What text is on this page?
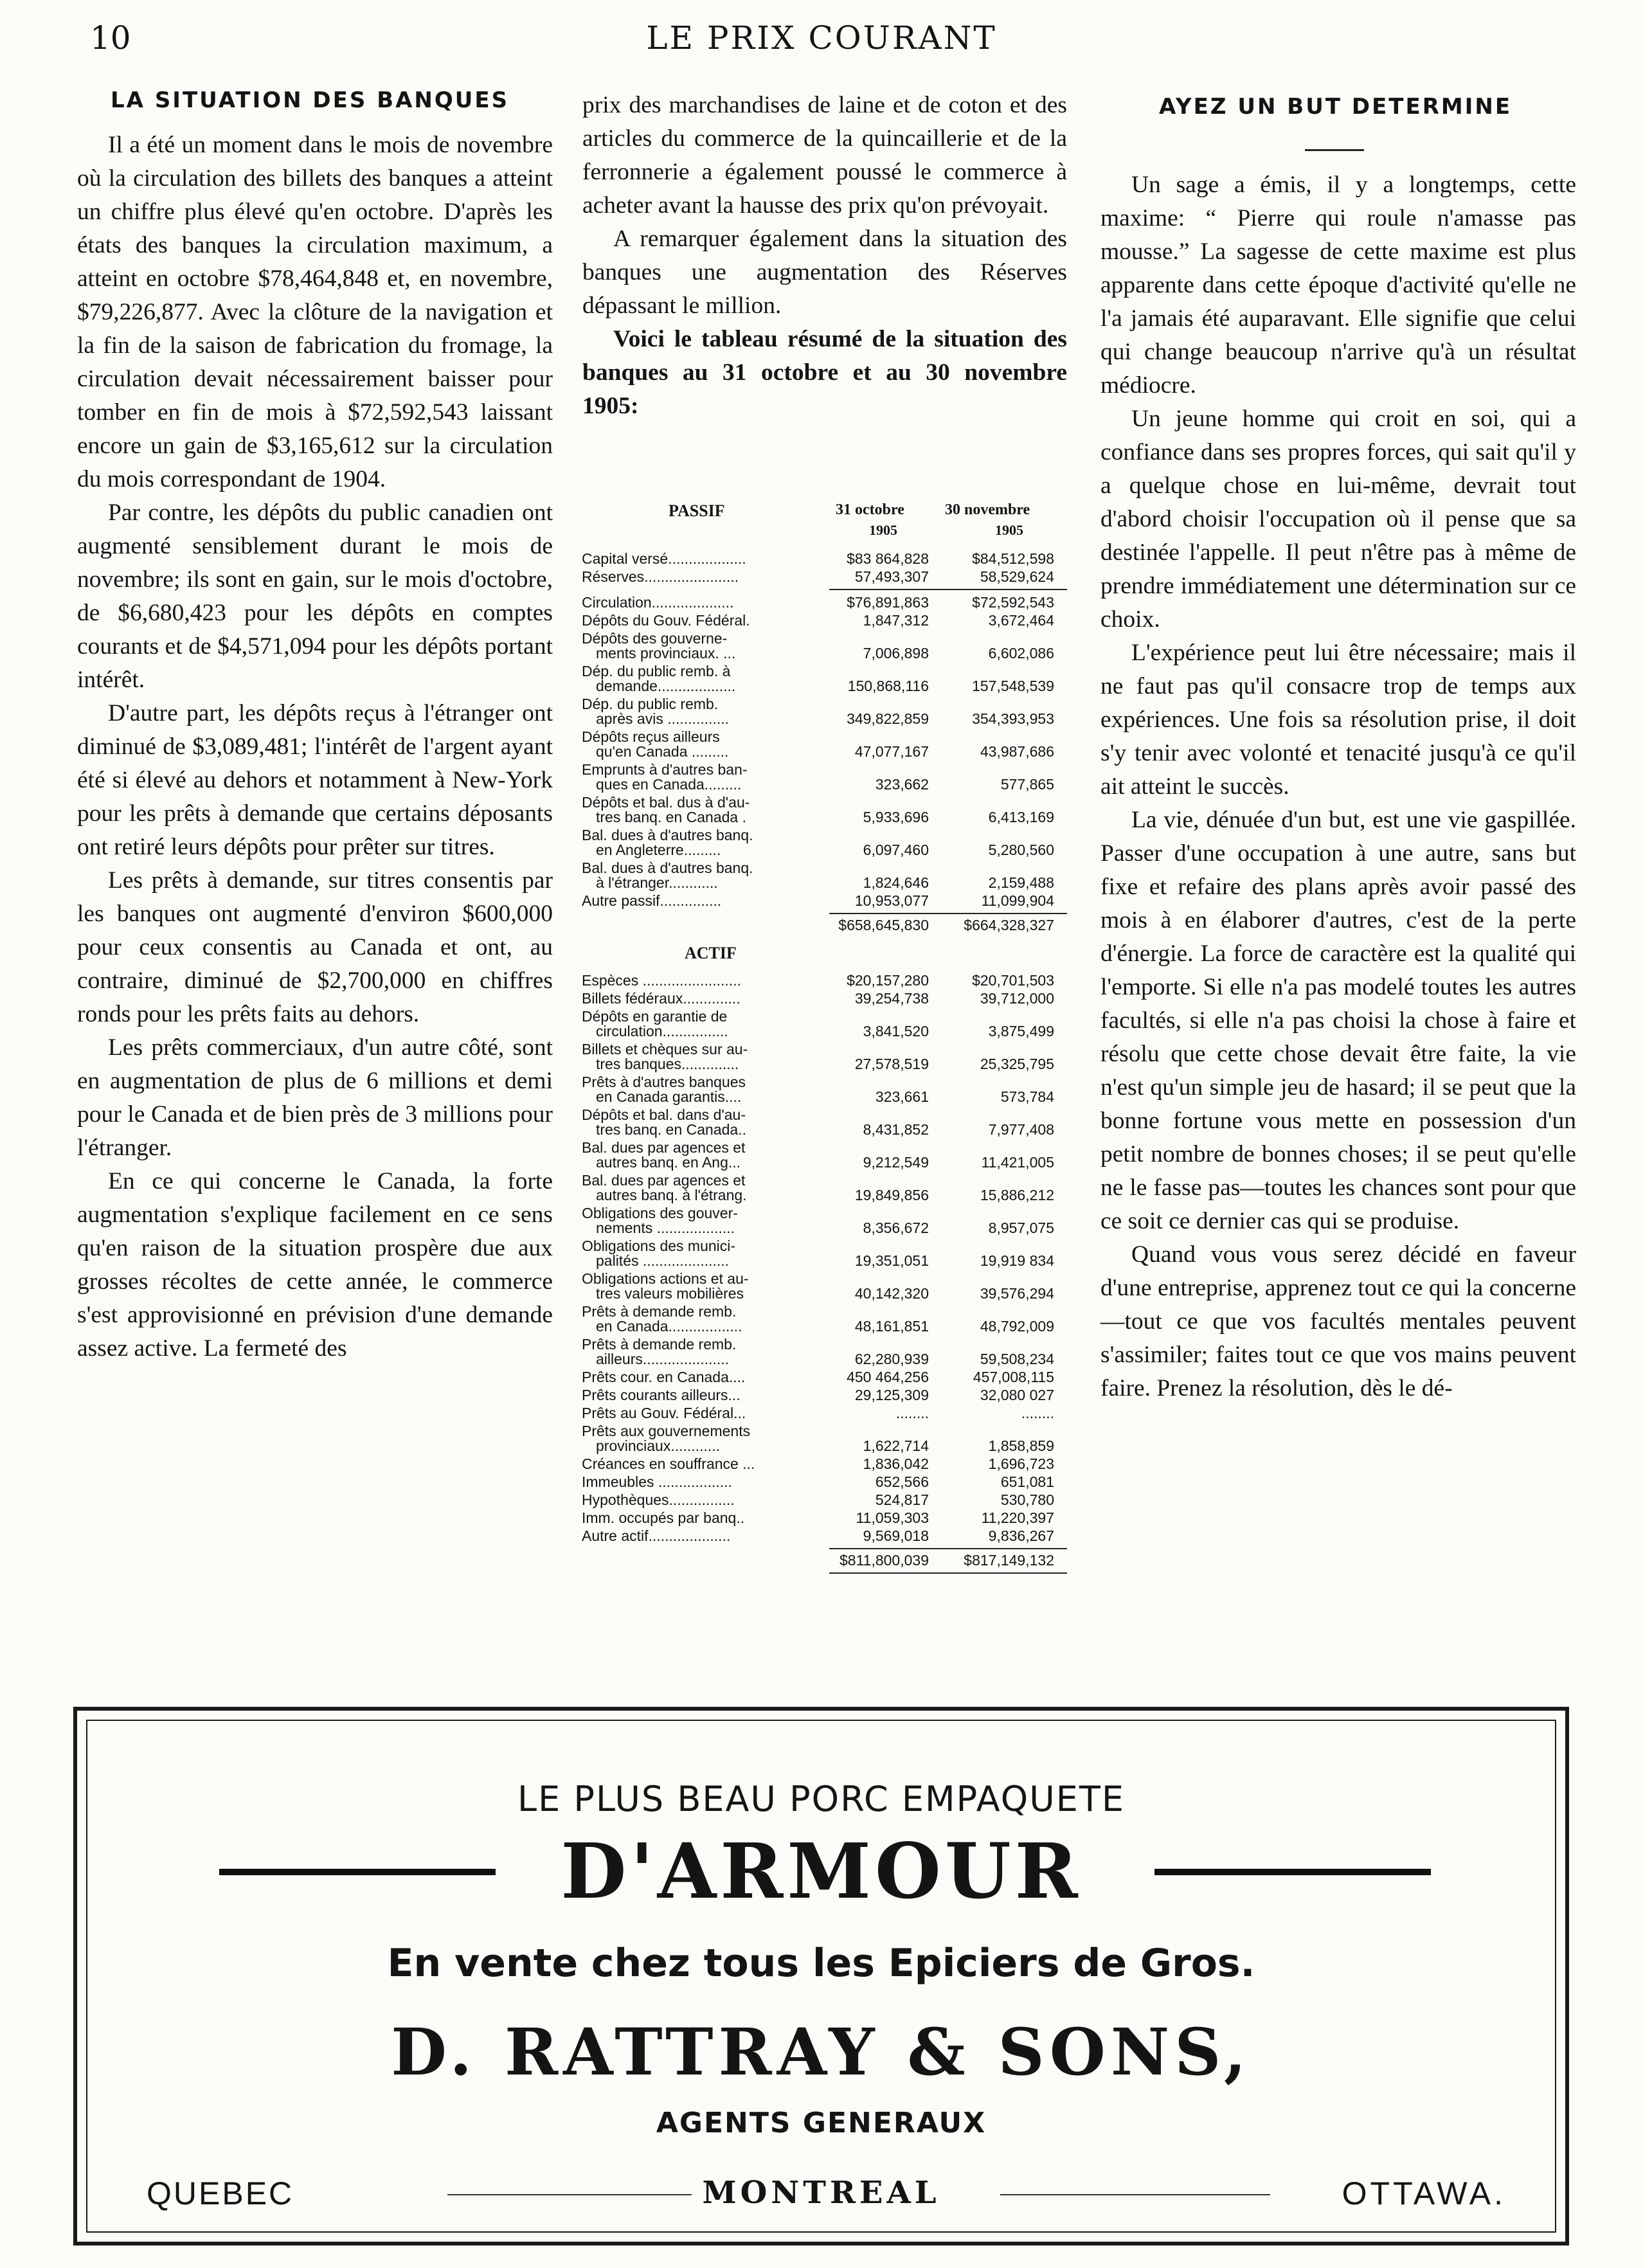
10	LE PRIX COURANT
LA SITUATION DES BANQUES

Il a été un moment dans le mois de novembre où la circulation des billets des banques a atteint un chiffre plus élevé qu'en octobre. D'après les états des banques la circulation maximum, a atteint en octobre $78,464,848 et, en novembre, $79,226,877. Avec la clôture de la navigation et la fin de la saison de fabrication du fromage, la circulation devait nécessairement baisser pour tomber en fin de mois à $72,592,543 laissant encore un gain de $3,165,612 sur la circulation du mois correspondant de 1904.

Par contre, les dépôts du public canadien ont augmenté sensiblement durant le mois de novembre; ils sont en gain, sur le mois d'octobre, de $6,680,423 pour les dépôts en comptes courants et de $4,571,094 pour les dépôts portant intérêt.

D'autre part, les dépôts reçus à l'étranger ont diminué de $3,089,481; l'intérêt de l'argent ayant été si élevé au dehors et notamment à New-York pour les prêts à demande que certains déposants ont retiré leurs dépôts pour prêter sur titres.

Les prêts à demande, sur titres consentis par les banques ont augmenté d'environ $600,000 pour ceux consentis au Canada et ont, au contraire, diminué de $2,700,000 en chiffres ronds pour les prêts faits au dehors.

Les prêts commerciaux, d'un autre côté, sont en augmentation de plus de 6 millions et demi pour le Canada et de bien près de 3 millions pour l'étranger.

En ce qui concerne le Canada, la forte augmentation s'explique facilement en ce sens qu'en raison de la situation prospère due aux grosses récoltes de cette année, le commerce s'est approvisionné en prévision d'une demande assez active. La fermeté des

prix des marchandises de laine et de coton et des articles du commerce de la quincaillerie et de la ferronnerie a également poussé le commerce à acheter avant la hausse des prix qu'on prévoyait.

A remarquer également dans la situation des banques une augmentation des Réserves dépassant le million.

Voici le tableau résumé de la situation des banques au 31 octobre et au 30 novembre 1905:

PASSIF	31 octobre	30 novembre
1905	1905
Capital versé...................	$83 864,828	$84,512,598
Réserves.......................	57,493,307	58,529,624
Circulation....................	$76,891,863	$72,592,543
Dépôts du Gouv. Fédéral.	1,847,312	3,672,464
Dépôts des gouverne-
ments provinciaux. ...	7,006,898	6,602,086
Dép. du public remb. à
demande...................	150,868,116	157,548,539
Dép. du public remb.
après avis ...............	349,822,859	354,393,953
Dépôts reçus ailleurs
qu'en Canada .........	47,077,167	43,987,686
Emprunts à d'autres ban-
ques en Canada.........	323,662	577,865
Dépôts et bal. dus à d'au-
tres banq. en Canada .	5,933,696	6,413,169
Bal. dues à d'autres banq.
en Angleterre.........	6,097,460	5,280,560
Bal. dues à d'autres banq.
à l'étranger............	1,824,646	2,159,488
Autre passif...............	10,953,077	11,099,904
$658,645,830	$664,328,327
ACTIF
Espèces ........................	$20,157,280	$20,701,503
Billets fédéraux..............	39,254,738	39,712,000
Dépôts en garantie de
circulation................	3,841,520	3,875,499
Billets et chèques sur au-
tres banques..............	27,578,519	25,325,795
Prêts à d'autres banques
en Canada garantis....	323,661	573,784
Dépôts et bal. dans d'au-
tres banq. en Canada..	8,431,852	7,977,408
Bal. dues par agences et
autres banq. en Ang...	9,212,549	11,421,005
Bal. dues par agences et
autres banq. à l'étrang.	19,849,856	15,886,212
Obligations des gouver-
nements ...................	8,356,672	8,957,075
Obligations des munici-
palités .....................	19,351,051	19,919 834
Obligations actions et au-
tres valeurs mobilières	40,142,320	39,576,294
Prêts à demande remb.
en Canada..................	48,161,851	48,792,009
Prêts à demande remb.
ailleurs.....................	62,280,939	59,508,234
Prêts cour. en Canada....	450 464,256	457,008,115
Prêts courants ailleurs...	29,125,309	32,080 027
Prêts au Gouv. Fédéral...	........	........
Prêts aux gouvernements
provinciaux............	1,622,714	1,858,859
Créances en souffrance ...	1,836,042	1,696,723
Immeubles ..................	652,566	651,081
Hypothèques................	524,817	530,780
Imm. occupés par banq..	11,059,303	11,220,397
Autre actif....................	9,569,018	9,836,267
$811,800,039	$817,149,132
AYEZ UN BUT DETERMINE

Un sage a émis, il y a longtemps, cette maxime: “ Pierre qui roule n'amasse pas mousse.” La sagesse de cette maxime est plus apparente dans cette époque d'activité qu'elle ne l'a jamais été auparavant. Elle signifie que celui qui change beaucoup n'arrive qu'à un résultat médiocre.

Un jeune homme qui croit en soi, qui a confiance dans ses propres forces, qui sait qu'il y a quelque chose en lui-même, devrait tout d'abord choisir l'occupation où il pense que sa destinée l'appelle. Il peut n'être pas à même de prendre immédiatement une détermination sur ce choix.

L'expérience peut lui être nécessaire; mais il ne faut pas qu'il consacre trop de temps aux expériences. Une fois sa résolution prise, il doit s'y tenir avec volonté et tenacité jusqu'à ce qu'il ait atteint le succès.

La vie, dénuée d'un but, est une vie gaspillée. Passer d'une occupation à une autre, sans but fixe et refaire des plans après avoir passé des mois à en élaborer d'autres, c'est de la perte d'énergie. La force de caractère est la qualité qui l'emporte. Si elle n'a pas modelé toutes les autres facultés, si elle n'a pas choisi la chose à faire et résolu que cette chose devait être faite, la vie n'est qu'un simple jeu de hasard; il se peut que la bonne fortune vous mette en possession d'un petit nombre de bonnes choses; il se peut qu'elle ne le fasse pas—toutes les chances sont pour que ce soit ce dernier cas qui se produise.

Quand vous vous serez décidé en faveur d'une entreprise, apprenez tout ce qui la concerne—tout ce que vos facultés mentales peuvent s'assimiler; faites tout ce que vos mains peuvent faire. Prenez la résolution, dès le dé-

LE PLUS BEAU PORC EMPAQUETE
D'ARMOUR
En vente chez tous les Epiciers de Gros.
D. RATTRAY & SONS,
AGENTS GENERAUX
QUEBEC	MONTREAL	OTTAWA.
